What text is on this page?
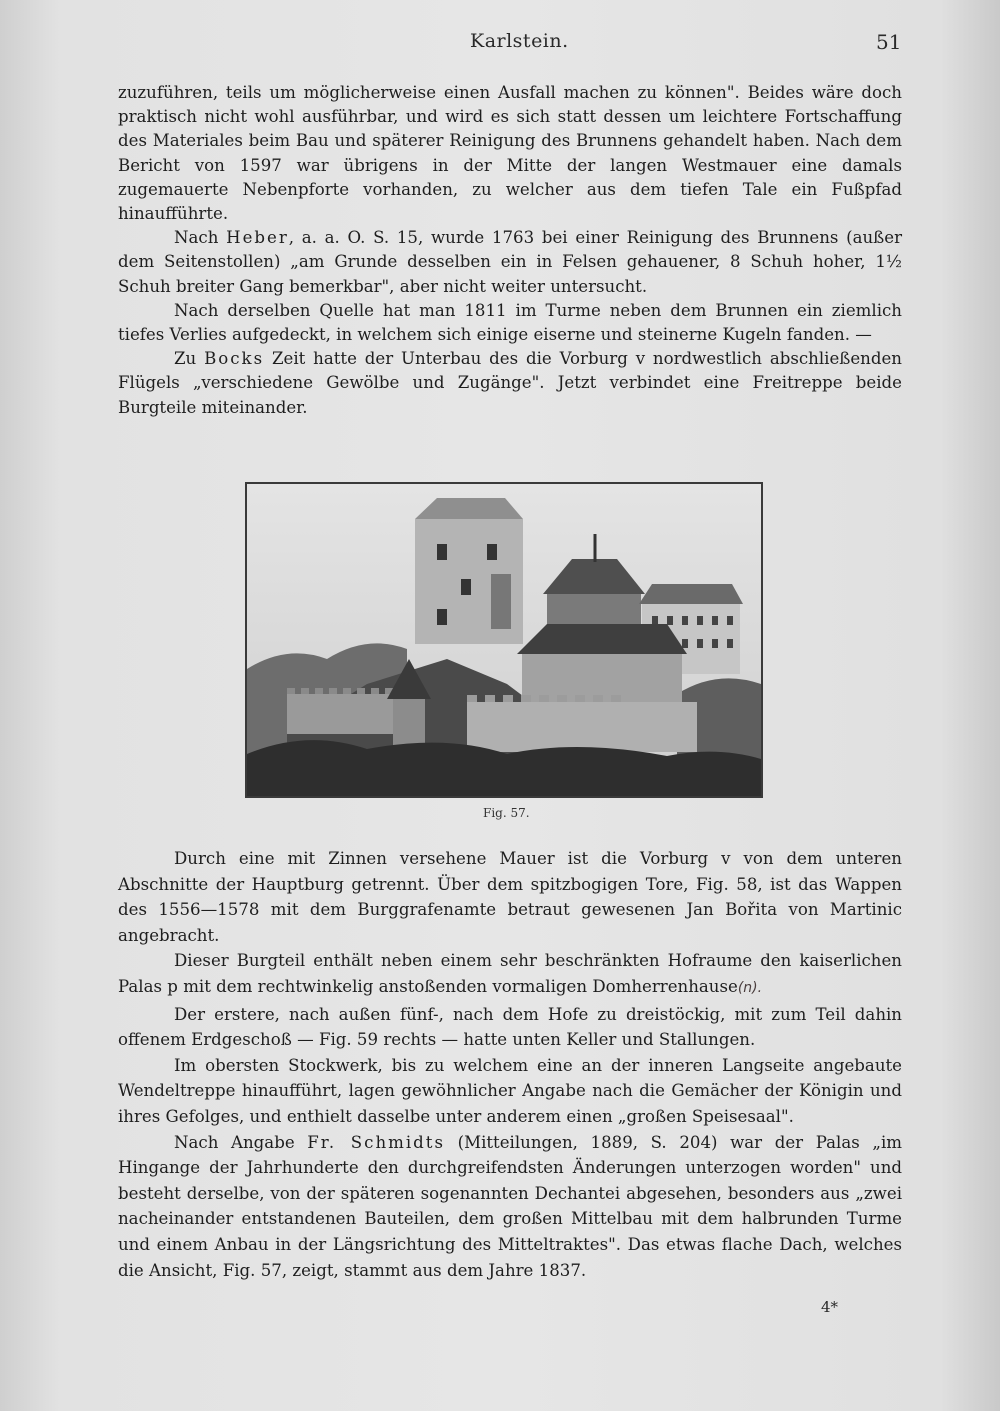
Karlstein.	51

zuzuführen, teils um möglicherweise einen Ausfall machen zu können". Beides wäre doch praktisch nicht wohl ausführbar, und wird es sich statt dessen um leichtere Fortschaffung des Materiales beim Bau und späterer Reinigung des Brunnens gehandelt haben. Nach dem Bericht von 1597 war übrigens in der Mitte der langen Westmauer eine damals zugemauerte Nebenpforte vorhanden, zu welcher aus dem tiefen Tale ein Fußpfad hinaufführte.

Nach Heber, a. a. O. S. 15, wurde 1763 bei einer Reinigung des Brunnens (außer dem Seitenstollen) „am Grunde desselben ein in Felsen gehauener, 8 Schuh hoher, 1½ Schuh breiter Gang bemerkbar", aber nicht weiter untersucht.

Nach derselben Quelle hat man 1811 im Turme neben dem Brunnen ein ziemlich tiefes Verlies aufgedeckt, in welchem sich einige eiserne und steinerne Kugeln fanden. —

Zu Bocks Zeit hatte der Unterbau des die Vorburg v nordwestlich abschließenden Flügels „verschiedene Gewölbe und Zugänge". Jetzt verbindet eine Freitreppe beide Burgteile miteinander.

Fig. 57.

Durch eine mit Zinnen versehene Mauer ist die Vorburg v von dem unteren Abschnitte der Hauptburg getrennt. Über dem spitzbogigen Tore, Fig. 58, ist das Wappen des 1556—1578 mit dem Burggrafenamte betraut gewesenen Jan Bořita von Martinic angebracht.

Dieser Burgteil enthält neben einem sehr beschränkten Hofraume den kaiserlichen Palas p mit dem rechtwinkelig anstoßenden vormaligen Domherrenhause(n).

Der erstere, nach außen fünf-, nach dem Hofe zu dreistöckig, mit zum Teil dahin offenem Erdgeschoß — Fig. 59 rechts — hatte unten Keller und Stallungen.

Im obersten Stockwerk, bis zu welchem eine an der inneren Langseite angebaute Wendeltreppe hinaufführt, lagen gewöhnlicher Angabe nach die Gemächer der Königin und ihres Gefolges, und enthielt dasselbe unter anderem einen „großen Speisesaal".

Nach Angabe Fr. Schmidts (Mitteilungen, 1889, S. 204) war der Palas „im Hingange der Jahrhunderte den durchgreifendsten Änderungen unterzogen worden" und besteht derselbe, von der späteren sogenannten Dechantei abgesehen, besonders aus „zwei nacheinander entstandenen Bauteilen, dem großen Mittelbau mit dem halbrunden Turme und einem Anbau in der Längsrichtung des Mitteltraktes". Das etwas flache Dach, welches die Ansicht, Fig. 57, zeigt, stammt aus dem Jahre 1837.

4*
